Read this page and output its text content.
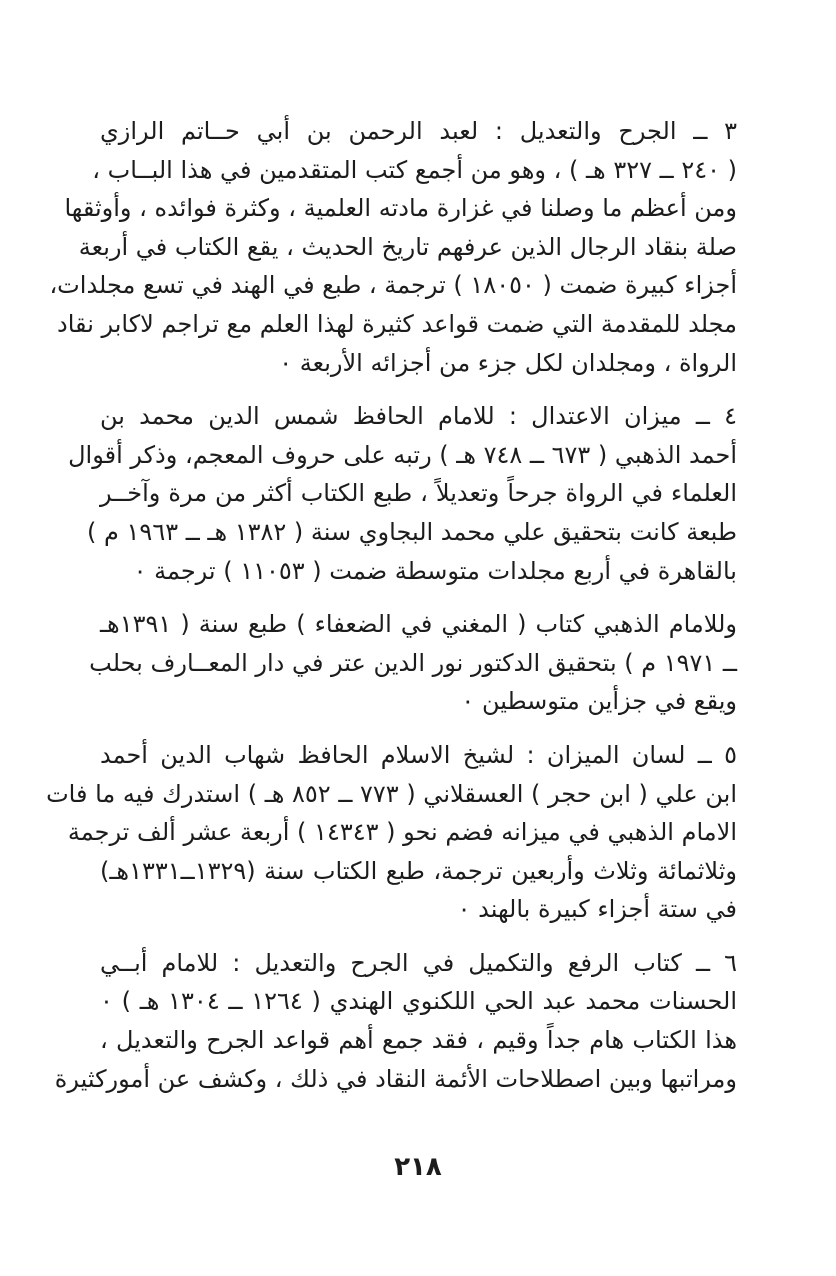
٣ ــ الجرح والتعديل : لعبد الرحمن بن أبي حــاتم الرازي
( ٢٤٠ ــ ٣٢٧ هـ ) ، وهو من أجمع كتب المتقدمين في هذا البــاب ،
ومن أعظم ما وصلنا في غزارة مادته العلمية ، وكثرة فوائده ، وأوثقها
صلة بنقاد الرجال الذين عرفهم تاريخ الحديث ، يقع الكتاب في أربعة
أجزاء كبيرة ضمت ( ١٨٠٥٠ ) ترجمة ، طبع في الهند في تسع مجلدات،
مجلد للمقدمة التي ضمت قواعد كثيرة لهذا العلم مع تراجم لاكابر نقاد
الرواة ، ومجلدان لكل جزء من أجزائه الأربعة ٠

٤ ــ ميزان الاعتدال : للامام الحافظ شمس الدين محمد بن
أحمد الذهبي ( ٦٧٣ ــ ٧٤٨ هـ ) رتبه على حروف المعجم، وذكر أقوال
العلماء في الرواة جرحاً وتعديلاً ، طبع الكتاب أكثر من مرة وآخــر
طبعة كانت بتحقيق علي محمد البجاوي سنة ( ١٣٨٢ هـ ــ ١٩٦٣ م )
بالقاهرة في أربع مجلدات متوسطة ضمت ( ١١٠٥٣ ) ترجمة ٠

وللامام الذهبي كتاب ( المغني في الضعفاء ) طبع سنة ( ١٣٩١هـ
ــ ١٩٧١ م ) بتحقيق الدكتور نور الدين عتر في دار المعــارف بحلب
ويقع في جزأين متوسطين ٠

٥ ــ لسان الميزان : لشيخ الاسلام الحافظ شهاب الدين أحمد
ابن علي ( ابن حجر ) العسقلاني ( ٧٧٣ ــ ٨٥٢ هـ ) استدرك فيه ما فات
الامام الذهبي في ميزانه فضم نحو ( ١٤٣٤٣ ) أربعة عشر ألف ترجمة
وثلاثمائة وثلاث وأربعين ترجمة، طبع الكتاب سنة (١٣٢٩ــ١٣٣١هـ)
في ستة أجزاء كبيرة بالهند ٠

٦ ــ كتاب الرفع والتكميل في الجرح والتعديل : للامام أبــي
الحسنات محمد عبد الحي اللكنوي الهندي ( ١٢٦٤ ــ ١٣٠٤ هـ ) ٠
هذا الكتاب هام جداً وقيم ، فقد جمع أهم قواعد الجرح والتعديل ،
ومراتبها وبين اصطلاحات الأئمة النقاد في ذلك ، وكشف عن أموركثيرة

٢١٨
